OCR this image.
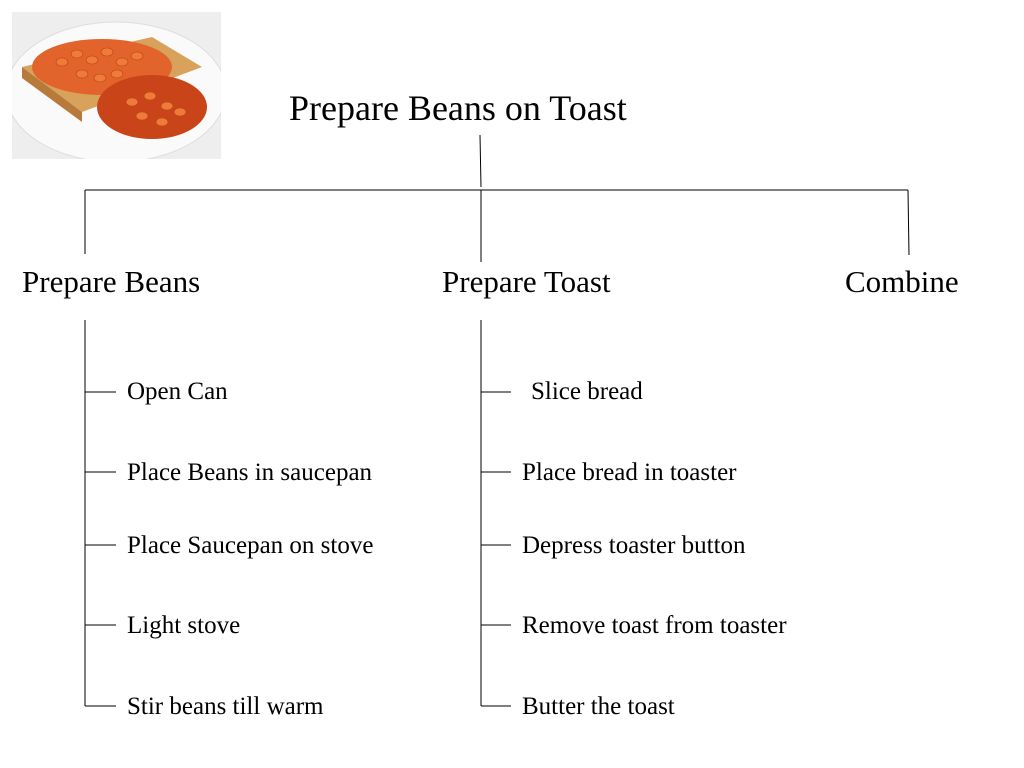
Prepare Beans on Toast
Prepare Beans	Prepare Toast	Combine
Open Can
Place Beans in saucepan
Place Saucepan on stove
Light stove
Stir beans till warm
Slice bread
Place bread in toaster
Depress toaster button
Remove toast from toaster
Butter the toast
